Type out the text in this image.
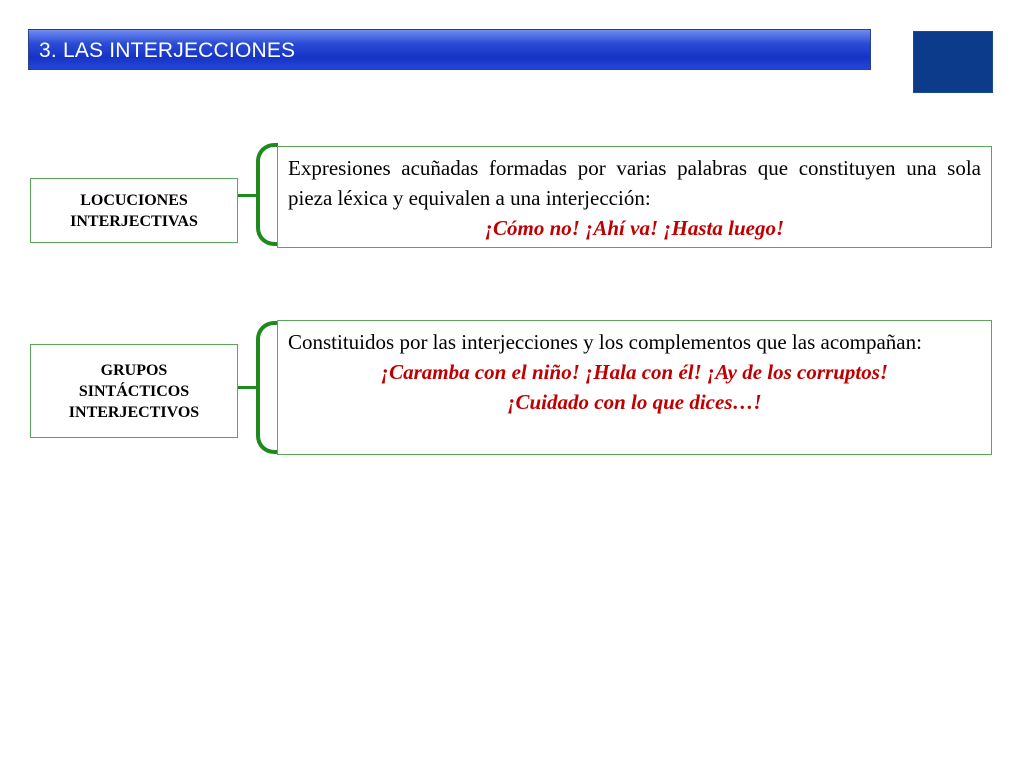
3. LAS INTERJECCIONES
LOCUCIONES
INTERJECTIVAS
Expresiones acuñadas formadas por varias palabras que constituyen una sola pieza léxica y equivalen a una interjección:
¡Cómo no! ¡Ahí va! ¡Hasta luego!
GRUPOS
SINTÁCTICOS
INTERJECTIVOS
Constituidos por las interjecciones y los complementos que las acompañan:
¡Caramba con el niño! ¡Hala con él! ¡Ay de los corruptos!
¡Cuidado con lo que dices…!
